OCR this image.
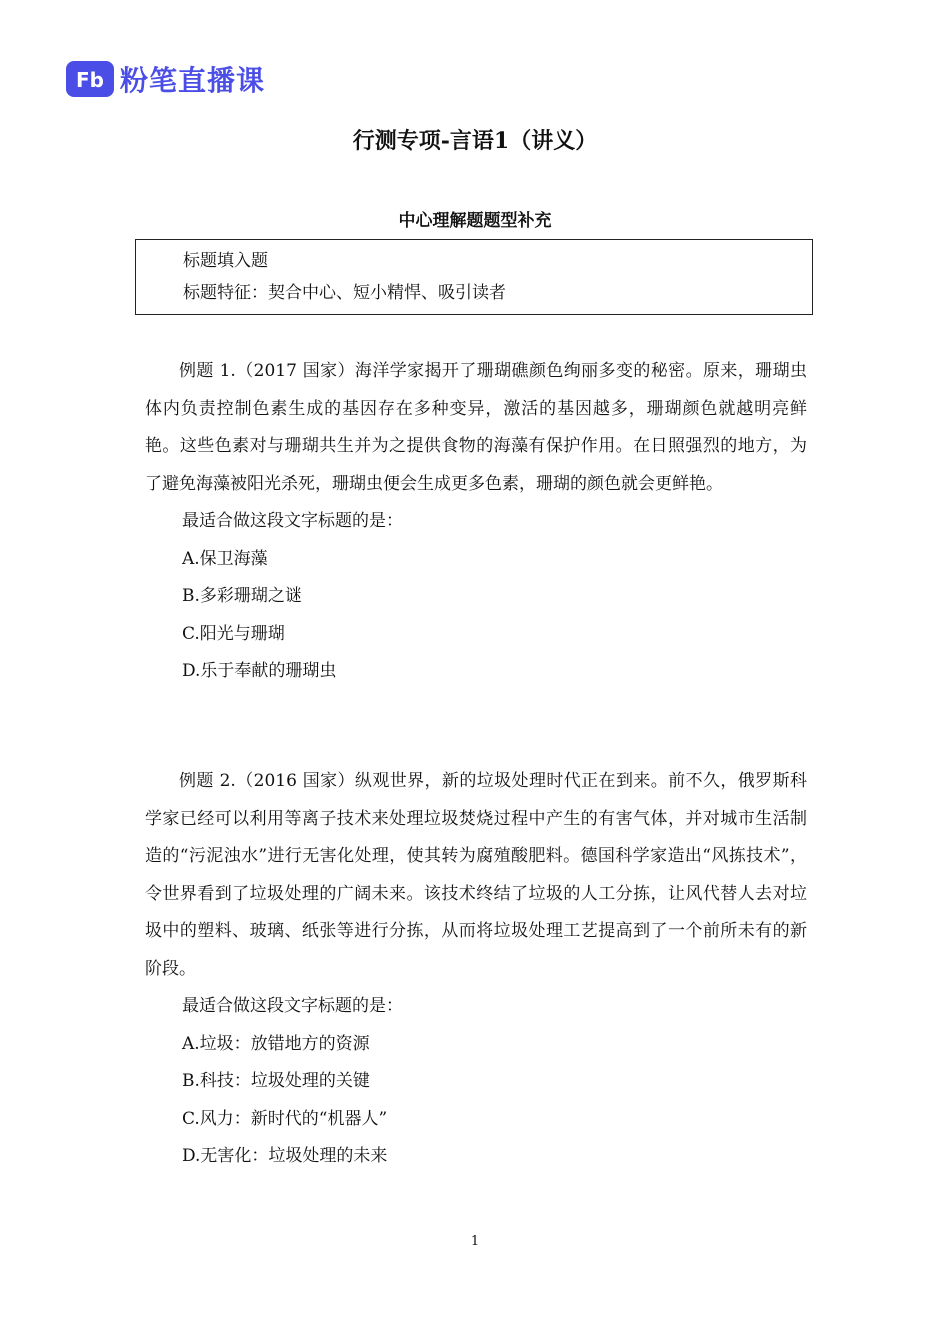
Fb 粉笔直播课
行测专项-言语1（讲义）
中心理解题题型补充

标题填入题

标题特征：契合中心、短小精悍、吸引读者

例题 1.（2017 国家）海洋学家揭开了珊瑚礁颜色绚丽多变的秘密。原来，珊瑚虫体内负责控制色素生成的基因存在多种变异，激活的基因越多，珊瑚颜色就越明亮鲜艳。这些色素对与珊瑚共生并为之提供食物的海藻有保护作用。在日照强烈的地方，为了避免海藻被阳光杀死，珊瑚虫便会生成更多色素，珊瑚的颜色就会更鲜艳。

最适合做这段文字标题的是：

A.保卫海藻

B.多彩珊瑚之谜

C.阳光与珊瑚

D.乐于奉献的珊瑚虫

例题 2.（2016 国家）纵观世界，新的垃圾处理时代正在到来。前不久，俄罗斯科学家已经可以利用等离子技术来处理垃圾焚烧过程中产生的有害气体，并对城市生活制造的“污泥浊水”进行无害化处理，使其转为腐殖酸肥料。德国科学家造出“风拣技术”，令世界看到了垃圾处理的广阔未来。该技术终结了垃圾的人工分拣，让风代替人去对垃圾中的塑料、玻璃、纸张等进行分拣，从而将垃圾处理工艺提高到了一个前所未有的新阶段。

最适合做这段文字标题的是：

A.垃圾：放错地方的资源

B.科技：垃圾处理的关键

C.风力：新时代的“机器人”

D.无害化：垃圾处理的未来

1
